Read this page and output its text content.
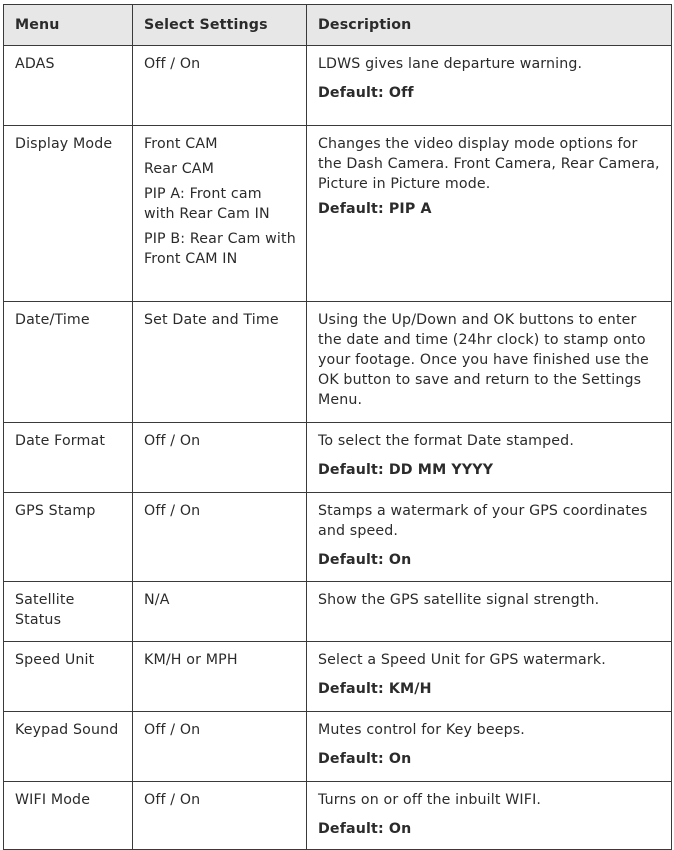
Menu	Select Settings	Description
ADAS	Off / On	LDWS gives lane departure warning.
Default: Off

Display Mode	Front CAM
Rear CAM
PIP A: Front cam with Rear Cam IN
PIP B: Rear Cam with Front CAM IN	Changes the video display mode options for the Dash Camera. Front Camera, Rear Camera, Picture in Picture mode.
Default: PIP A

Date/Time	Set Date and Time	Using the Up/Down and OK buttons to enter the date and time (24hr clock) to stamp onto your footage. Once you have finished use the OK button to save and return to the Settings Menu.

Date Format	Off / On	To select the format Date stamped.
Default: DD MM YYYY

GPS Stamp	Off / On	Stamps a watermark of your GPS coordinates and speed.
Default: On

Satellite Status	N/A	Show the GPS satellite signal strength.

Speed Unit	KM/H or MPH	Select a Speed Unit for GPS watermark.
Default: KM/H

Keypad Sound	Off / On	Mutes control for Key beeps.
Default: On

WIFI Mode	Off / On	Turns on or off the inbuilt WIFI.
Default: On
